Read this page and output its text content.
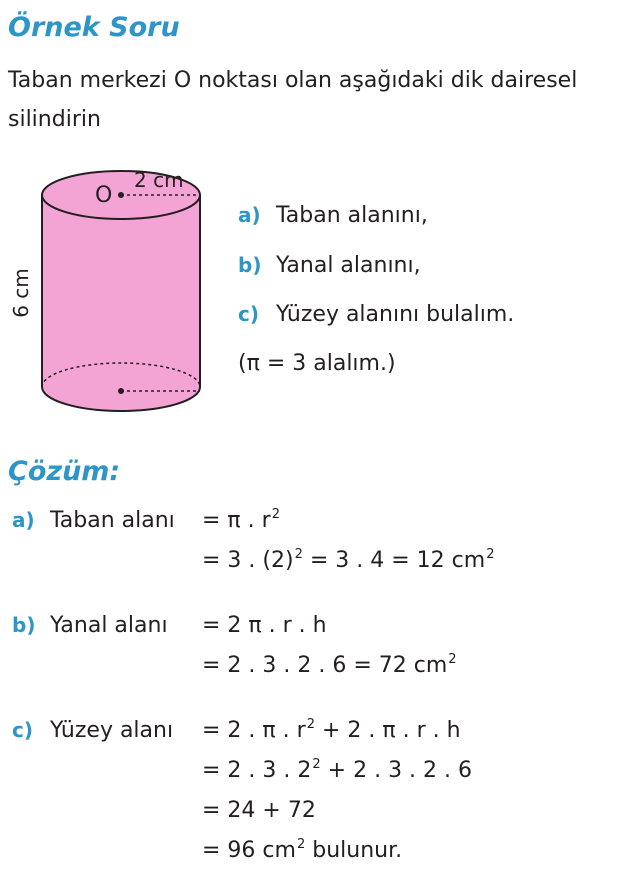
Örnek Soru
Taban merkezi O noktası olan aşağıdaki dik dairesel
silindirin
O
2 cm
6 cm
a) Taban alanını,
b) Yanal alanını,
c) Yüzey alanını bulalım.
(π = 3 alalım.)
Çözüm:
a) Taban alanı = π . $r^2$
= 3 . $(2)^2 = 3$ . 4 = 12 $cm^2$
b) Yanal alanı = 2 π . r . h
= 2 . 3 . 2 . 6 = 72 $cm^2$
c) Yüzey alanı = 2 . π . $r^2 + 2$ . π . r . h
= 2 . 3 . $2^2 + 2$ . 3 . 2 . 6
= 24 + 72
= 96 $cm^2$ bulunur.
